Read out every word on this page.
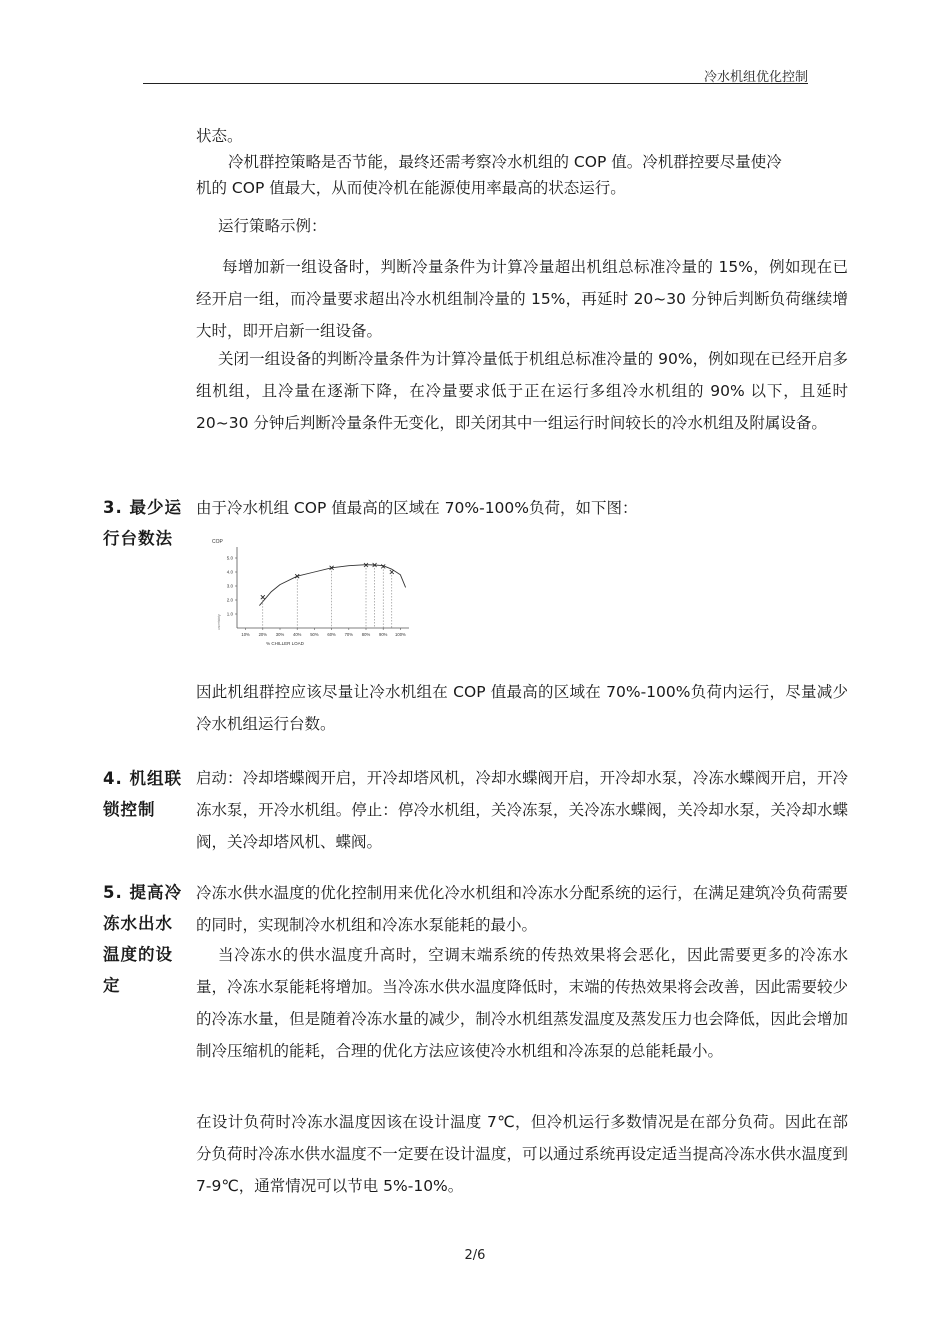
冷水机组优化控制

状态。

冷机群控策略是否节能，最终还需考察冷水机组的 COP 值。冷机群控要尽量使冷

机的 COP 值最大，从而使冷机在能源使用率最高的状态运行。

运行策略示例：

每增加新一组设备时，判断冷量条件为计算冷量超出机组总标准冷量的 15%，例如现在已经开启一组，而冷量要求超出冷水机组制冷量的 15%，再延时 20~30 分钟后判断负荷继续增大时，即开启新一组设备。

关闭一组设备的判断冷量条件为计算冷量低于机组总标准冷量的 90%，例如现在已经开启多组机组，且冷量在逐渐下降，在冷量要求低于正在运行多组冷水机组的 90% 以下，且延时 20~30 分钟后判断冷量条件无变化，即关闭其中一组运行时间较长的冷水机组及附属设备。

3. 最少运
行台数法

由于冷水机组 COP 值最高的区域在 70%-100%负荷，如下图：

COP
1.0
2.0
3.0
4.0
5.0
10% 20% 30% 40% 50% 60% 70% 80% 90% 100%
% CHILLER LOAD
uncertainty

因此机组群控应该尽量让冷水机组在 COP 值最高的区域在 70%-100%负荷内运行，尽量减少冷水机组运行台数。

4. 机组联
锁控制

启动：冷却塔蝶阀开启，开冷却塔风机，冷却水蝶阀开启，开冷却水泵，冷冻水蝶阀开启，开冷冻水泵，开冷水机组。停止：停冷水机组，关冷冻泵，关冷冻水蝶阀，关冷却水泵，关冷却水蝶阀，关冷却塔风机、蝶阀。

5. 提高冷
冻水出水
温度的设
定

冷冻水供水温度的优化控制用来优化冷水机组和冷冻水分配系统的运行，在满足建筑冷负荷需要的同时，实现制冷水机组和冷冻水泵能耗的最小。

当冷冻水的供水温度升高时，空调末端系统的传热效果将会恶化，因此需要更多的冷冻水量，冷冻水泵能耗将增加。当冷冻水供水温度降低时，末端的传热效果将会改善，因此需要较少的冷冻水量，但是随着冷冻水量的减少，制冷水机组蒸发温度及蒸发压力也会降低，因此会增加制冷压缩机的能耗，合理的优化方法应该使冷水机组和冷冻泵的总能耗最小。

在设计负荷时冷冻水温度因该在设计温度 7℃，但冷机运行多数情况是在部分负荷。因此在部分负荷时冷冻水供水温度不一定要在设计温度，可以通过系统再设定适当提高冷冻水供水温度到 7-9℃，通常情况可以节电 5%-10%。

2/6
